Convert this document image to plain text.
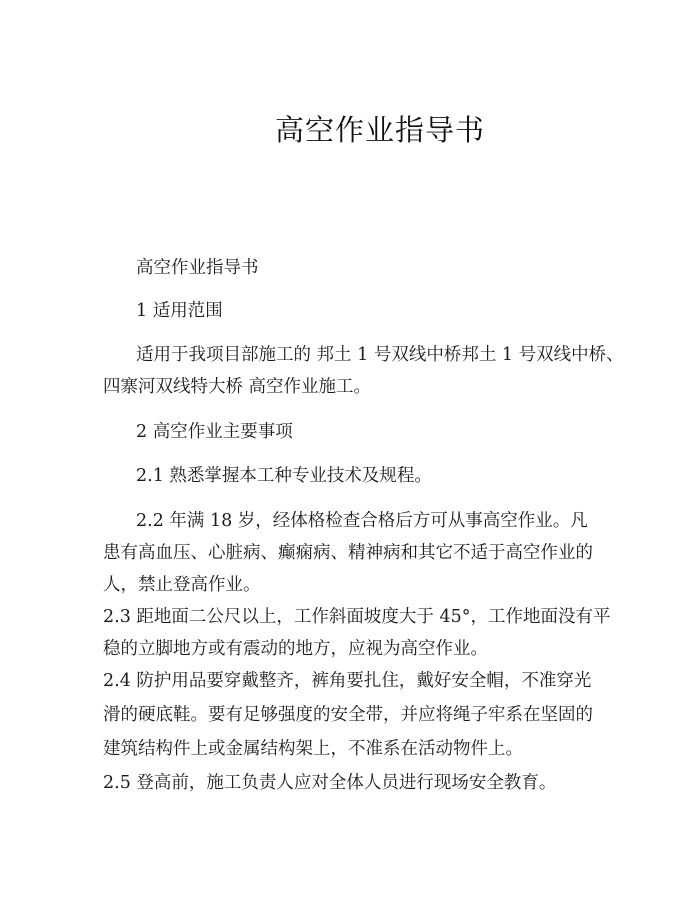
高空作业指导书
高空作业指导书
1 适用范围
适用于我项目部施工的 邦土 1 号双线中桥邦土 1 号双线中桥、
四寨河双线特大桥 高空作业施工。
2 高空作业主要事项
2.1 熟悉掌握本工种专业技术及规程。
2.2 年满 18 岁，经体格检查合格后方可从事高空作业。凡
患有高血压、心脏病、癫痫病、精神病和其它不适于高空作业的
人，禁止登高作业。
2.3 距地面二公尺以上，工作斜面坡度大于 45°，工作地面没有平
稳的立脚地方或有震动的地方，应视为高空作业。
2.4 防护用品要穿戴整齐，裤角要扎住，戴好安全帽，不准穿光
滑的硬底鞋。要有足够强度的安全带，并应将绳子牢系在坚固的
建筑结构件上或金属结构架上，不准系在活动物件上。
2.5 登高前，施工负责人应对全体人员进行现场安全教育。
